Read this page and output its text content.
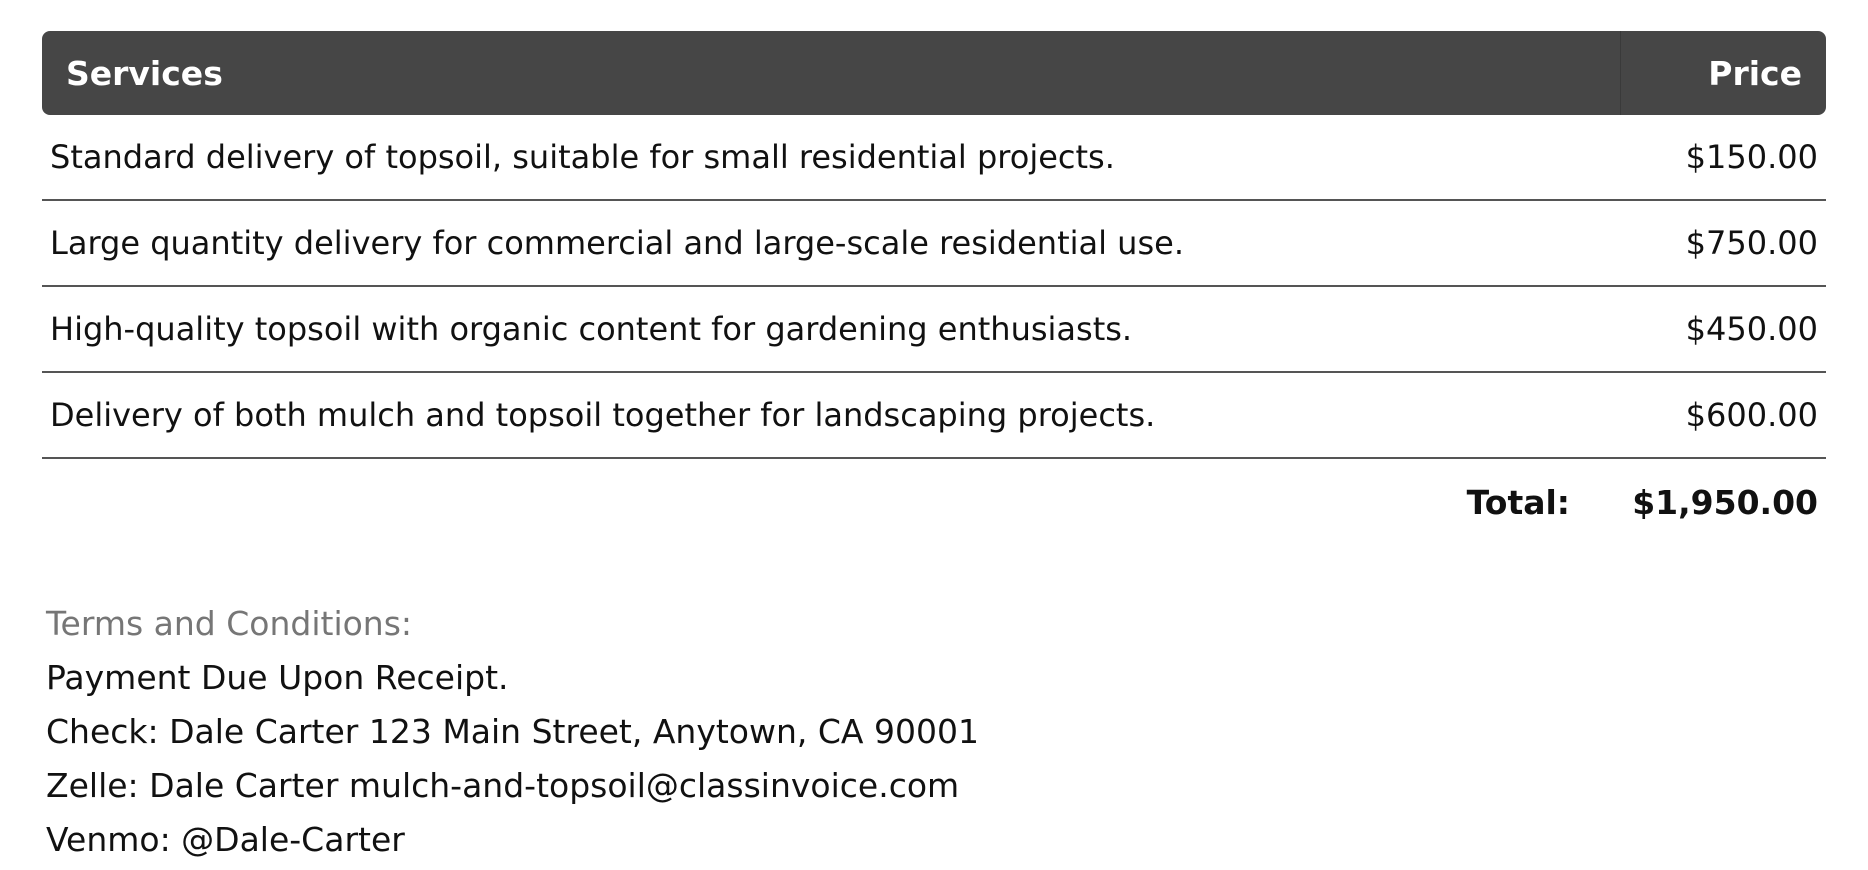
Services	Price
Standard delivery of topsoil, suitable for small residential projects.	$150.00
Large quantity delivery for commercial and large-scale residential use.	$750.00
High-quality topsoil with organic content for gardening enthusiasts.	$450.00
Delivery of both mulch and topsoil together for landscaping projects.	$600.00
Total:	$1,950.00
Terms and Conditions:
Payment Due Upon Receipt.
Check: Dale Carter 123 Main Street, Anytown, CA 90001
Zelle: Dale Carter mulch-and-topsoil@classinvoice.com
Venmo: @Dale-Carter
